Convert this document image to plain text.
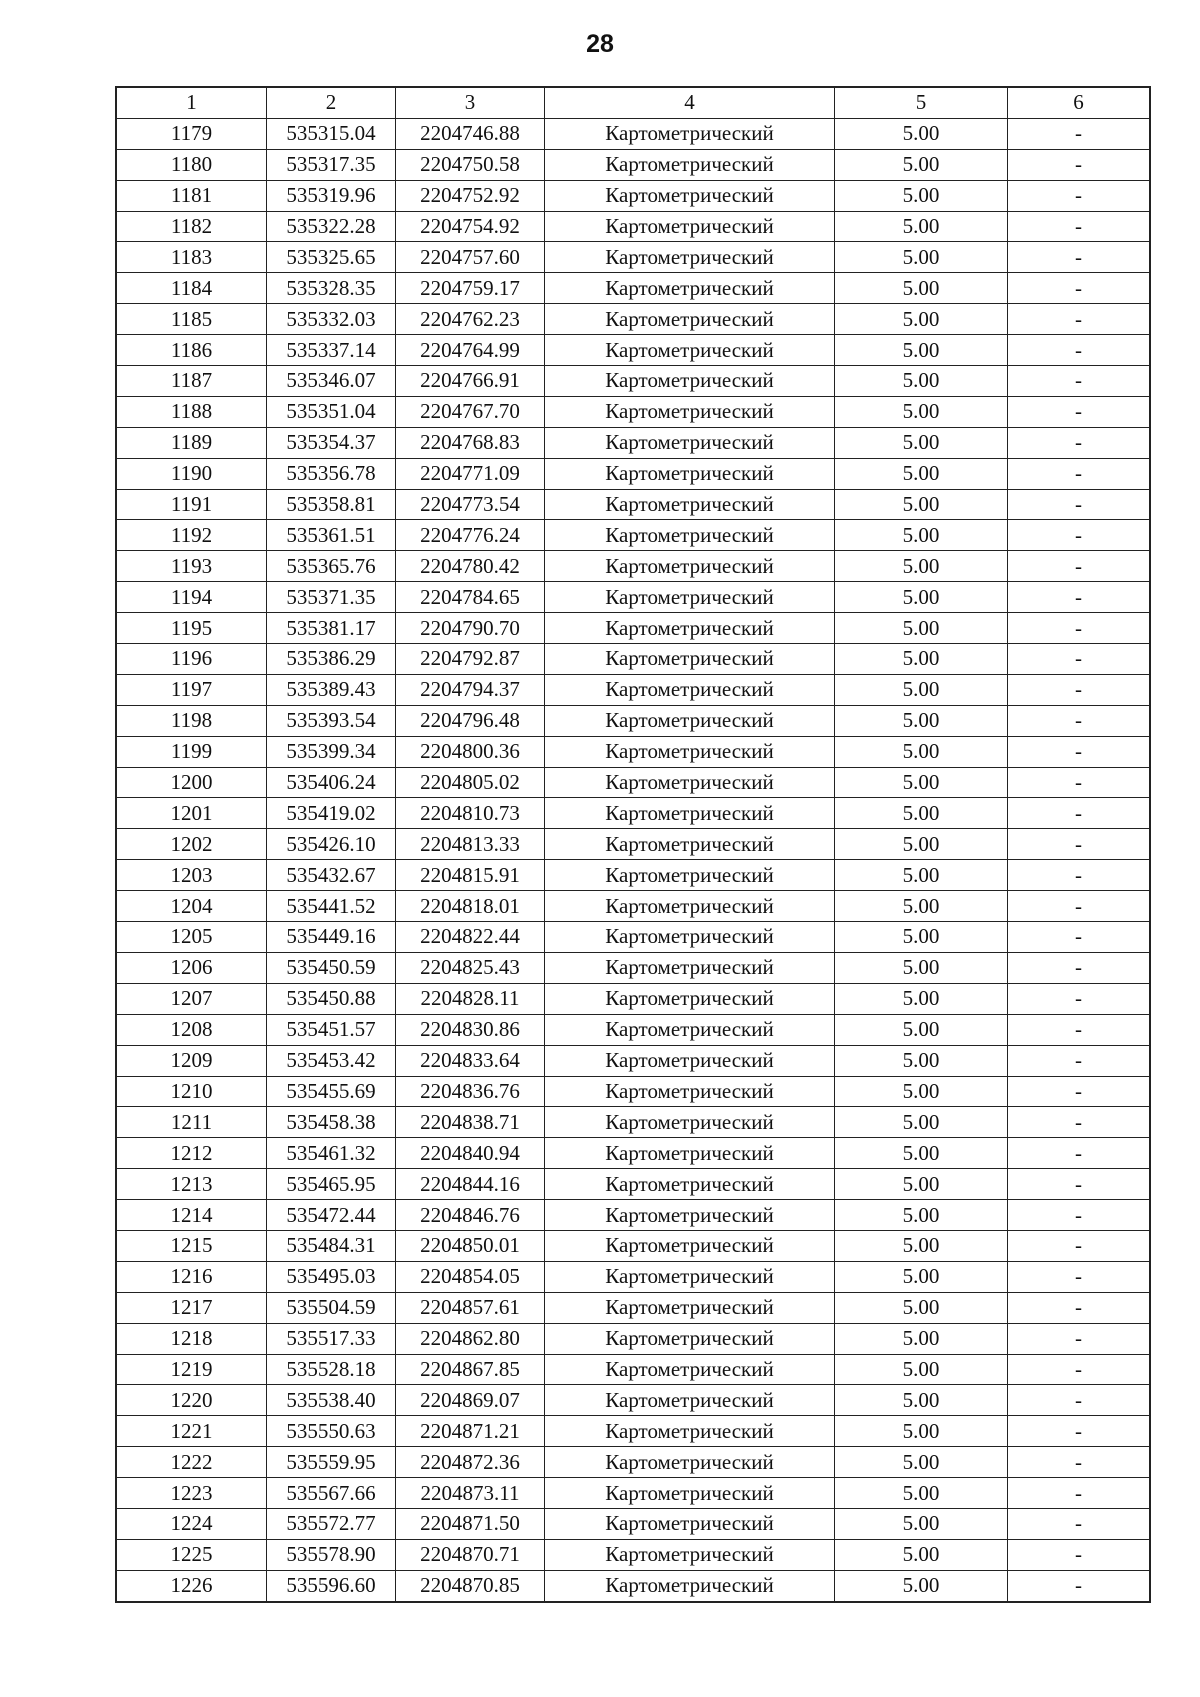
28
1	2	3	4	5	6
1179	535315.04	2204746.88	Картометрический	5.00	-
1180	535317.35	2204750.58	Картометрический	5.00	-
1181	535319.96	2204752.92	Картометрический	5.00	-
1182	535322.28	2204754.92	Картометрический	5.00	-
1183	535325.65	2204757.60	Картометрический	5.00	-
1184	535328.35	2204759.17	Картометрический	5.00	-
1185	535332.03	2204762.23	Картометрический	5.00	-
1186	535337.14	2204764.99	Картометрический	5.00	-
1187	535346.07	2204766.91	Картометрический	5.00	-
1188	535351.04	2204767.70	Картометрический	5.00	-
1189	535354.37	2204768.83	Картометрический	5.00	-
1190	535356.78	2204771.09	Картометрический	5.00	-
1191	535358.81	2204773.54	Картометрический	5.00	-
1192	535361.51	2204776.24	Картометрический	5.00	-
1193	535365.76	2204780.42	Картометрический	5.00	-
1194	535371.35	2204784.65	Картометрический	5.00	-
1195	535381.17	2204790.70	Картометрический	5.00	-
1196	535386.29	2204792.87	Картометрический	5.00	-
1197	535389.43	2204794.37	Картометрический	5.00	-
1198	535393.54	2204796.48	Картометрический	5.00	-
1199	535399.34	2204800.36	Картометрический	5.00	-
1200	535406.24	2204805.02	Картометрический	5.00	-
1201	535419.02	2204810.73	Картометрический	5.00	-
1202	535426.10	2204813.33	Картометрический	5.00	-
1203	535432.67	2204815.91	Картометрический	5.00	-
1204	535441.52	2204818.01	Картометрический	5.00	-
1205	535449.16	2204822.44	Картометрический	5.00	-
1206	535450.59	2204825.43	Картометрический	5.00	-
1207	535450.88	2204828.11	Картометрический	5.00	-
1208	535451.57	2204830.86	Картометрический	5.00	-
1209	535453.42	2204833.64	Картометрический	5.00	-
1210	535455.69	2204836.76	Картометрический	5.00	-
1211	535458.38	2204838.71	Картометрический	5.00	-
1212	535461.32	2204840.94	Картометрический	5.00	-
1213	535465.95	2204844.16	Картометрический	5.00	-
1214	535472.44	2204846.76	Картометрический	5.00	-
1215	535484.31	2204850.01	Картометрический	5.00	-
1216	535495.03	2204854.05	Картометрический	5.00	-
1217	535504.59	2204857.61	Картометрический	5.00	-
1218	535517.33	2204862.80	Картометрический	5.00	-
1219	535528.18	2204867.85	Картометрический	5.00	-
1220	535538.40	2204869.07	Картометрический	5.00	-
1221	535550.63	2204871.21	Картометрический	5.00	-
1222	535559.95	2204872.36	Картометрический	5.00	-
1223	535567.66	2204873.11	Картометрический	5.00	-
1224	535572.77	2204871.50	Картометрический	5.00	-
1225	535578.90	2204870.71	Картометрический	5.00	-
1226	535596.60	2204870.85	Картометрический	5.00	-
